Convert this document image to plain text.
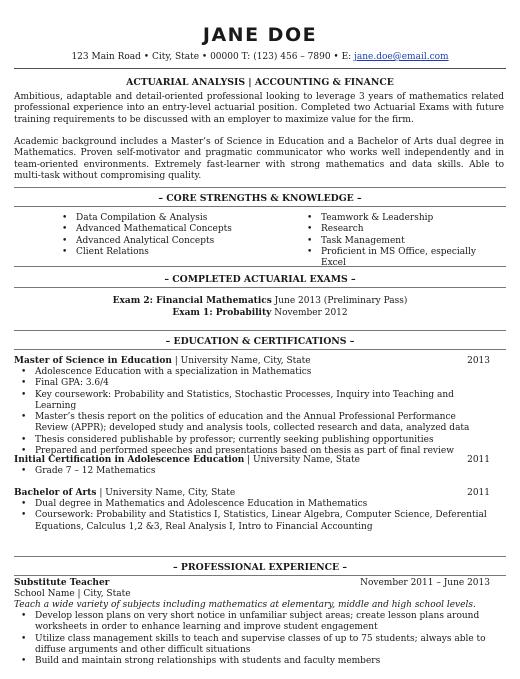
JANE DOE
123 Main Road • City, State • 00000 T: (123) 456 – 7890 • E: jane.doe@email.com
ACTUARIAL ANALYSIS | ACCOUNTING & FINANCE
Ambitious, adaptable and detail-oriented professional looking to leverage 3 years of mathematics related professional experience into an entry-level actuarial position. Completed two Actuarial Exams with future training requirements to be discussed with an employer to maximize value for the firm.
Academic background includes a Master’s of Science in Education and a Bachelor of Arts dual degree in Mathematics. Proven self-motivator and pragmatic communicator who works well independently and in team-oriented environments. Extremely fast-learner with strong mathematics and data skills. Able to multi-task without compromising quality.
– CORE STRENGTHS & KNOWLEDGE –
• Data Compilation & Analysis
• Advanced Mathematical Concepts
• Advanced Analytical Concepts
• Client Relations
• Teamwork & Leadership
• Research
• Task Management
• Proficient in MS Office, especially Excel
– COMPLETED ACTUARIAL EXAMS –
Exam 2: Financial Mathematics June 2013 (Preliminary Pass)
Exam 1: Probability November 2012
– EDUCATION & CERTIFICATIONS –
Master of Science in Education | University Name, City, State	2013
• Adolescence Education with a specialization in Mathematics
• Final GPA: 3.6/4
• Key coursework: Probability and Statistics, Stochastic Processes, Inquiry into Teaching and Learning
• Master’s thesis report on the politics of education and the Annual Professional Performance Review (APPR); developed study and analysis tools, collected research and data, analyzed data
• Thesis considered publishable by professor; currently seeking publishing opportunities
• Prepared and performed speeches and presentations based on thesis as part of final review
Initial Certification in Adolescence Education | University Name, State	2011
• Grade 7 – 12 Mathematics
Bachelor of Arts | University Name, City, State	2011
• Dual degree in Mathematics and Adolescence Education in Mathematics
• Coursework: Probability and Statistics I, Statistics, Linear Algebra, Computer Science, Deferential Equations, Calculus 1,2 &3, Real Analysis I, Intro to Financial Accounting
– PROFESSIONAL EXPERIENCE –
Substitute Teacher	November 2011 – June 2013
School Name | City, State
Teach a wide variety of subjects including mathematics at elementary, middle and high school levels.
• Develop lesson plans on very short notice in unfamiliar subject areas; create lesson plans around worksheets in order to enhance learning and improve student engagement
• Utilize class management skills to teach and supervise classes of up to 75 students; always able to diffuse arguments and other difficult situations
• Build and maintain strong relationships with students and faculty members
